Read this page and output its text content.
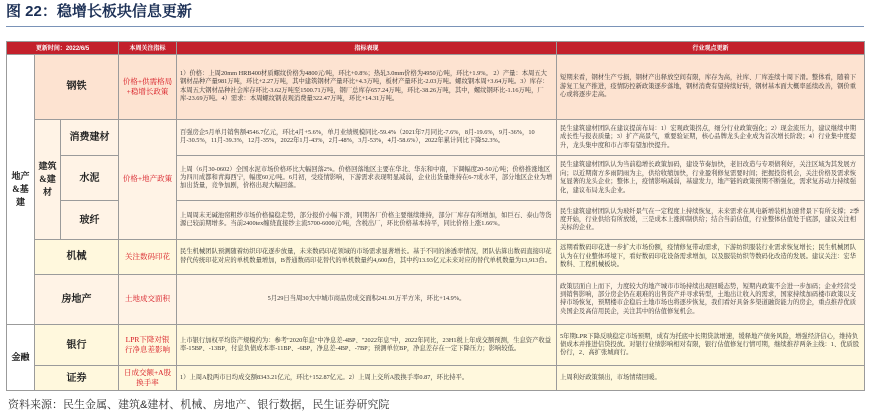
图 22：稳增长板块信息更新
更新时间：2022/6/5			本周关注指标	指标表现	行业观点更新
地产&基建	钢铁		价格+供需格局+稳增长政策	1）价格：上周20mm HRB400材质螺纹价格为4800元/吨，环比+0.8%；热轧3.0mm价格为4950元/吨，环比+1.9%。 2）产量：本周五大钢材品种产量981万吨，环比+2.27万吨，其中建筑钢材产量环比+4.3万吨，板材产量环比-2.03万吨。螺纹钢本周+3.64万吨。3）库存：本周五大钢材品种社会库存环比-3.62万吨至1500.71万吨，钢厂总库存657.24万吨，环比-38.26万吨，其中，螺纹钢环比-1.16万吨，厂库-23.69万吨。4）需求：本周螺纹钢表观消费量322.47万吨，环比+14.31万吨。	短期来看，钢材生产亏损，钢材产出释放空间有限，库存为高，社库、厂库连续十周下滑。整体看，随着下游复工复产推进，疫情防控新政策逐步落地，钢材消费有望持续好转，钢材基本面大概率延续改善，钢价重心或将逐步走高。
	建筑&建材	消费建材	价格+地产政策	百强房企5月单月销售额4546.7亿元，环比4月+5.6%，单月业绩规模同比-59.4%（2021年7月同比-7.6%，8月-19.6%，9月-36%，10月-30.5%，11月-39.3%，12月-35%，2022年1月-43%，2月-48%，3月-53%，4月-58.6%），2022年累计同比下降52.3%。	民生建筑建材团队在建议提前布局：1）宏观政策拐点，细分行业政策强化；2）现金流压力，建议继续中期成长性与报表质量；3）扩产高景气，重要验证期，核心品牌龙头企业成为首次增长阶段；4）行业集中度提升，龙头集中度和市占率有望加快提升。
		水泥		上周（6月30-0602）全国水泥市场价格环比大幅回落2%。价格回落地区主要在华北、华东和中南，下调幅度20-50元/吨；价格推涨地区为四川成都和青海西宁，幅度60元/吨。6月初，受疫情影响，下游需求表现明显减弱，企业出货量维持在6-7成水平，部分地区企业为增加出货量，竞争加剧，价格出现大幅回落。	民生建筑建材团队认为当前稳增长政策加码，建设节奏加快，老旧改造与专项债利好，关注区域为其发展方向；以近期南方多雨阴雨为主，供给收缩加快，行业盈利修复需要时间；把握投资机会，关注价格及需求恢复显著的龙头企业；整体上，疫情影响减弱，基建发力，地产链的政策预期不断强化，需求复苏动力持续强化，建议布局龙头企业。
		玻纤		上周周末无碱池窑粗纱市场价格偏稳走势，部分报价小幅下滑，同期各厂价格主要继续维持，部分厂库存有所增加，如巨石、泰山等货源已较前期增多。当前2400tex缠绕直接纱主流5700-6000元/吨，含税出厂，环比价格基本持平，同比价格上涨1.66%。	民生建筑建材团队认为玻纤景气在一定程度上持续恢复，未来需求在风电新增装机加速背景下有所支撑；2季度开始，行业供给有所放缓，三是成本上涨抑制供给；结合当前估值，行业整体估值处于底部，建议关注相关标的企业。
	机械		关注数码印花	民生机械团队预测随着纺织印花逐步放量，未来数码印花领域的市场需求显著增长。基于不同的渗透率情况，团队估算出数码直接印花替代传统印花对应的单机数量增加，B普通数码印花替代的单机数量约4,600台，其中约13.93亿元未来对应的替代单机数量为13,913台。	远期看数码印花进一步扩大市场份额，疫情修复带动需求，下游纺织服装行业需求恢复增长；民生机械团队认为在行业整体环境下，看好数码印花设备需求增加，以及服装纺织等数码化改造的发展。建议关注：宏华数科、工程机械板块。
	房地产		土地成交面积	5月29日当周30大中城市商品房成交面积241.91万平方米，环比+14.9%。	政策层面自上而下，力度较大的地产城市市场持续出现回暖态势，短期内政策不会进一步加码；企业经营受到销售影响，部分房企仍在艰难的出售资产并寻求转型，土地出让收入的需求，国家持续加码楼市政策以支持市场恢复，预期楼市企稳后土地市场也将逐步恢复，我们看好具备多渠道融资能力的房企，重点推荐优质央国企及高信用民企，关注其中的估值修复机会。
金融	银行		LPR下降对银行净息差影响	上市银行加权平均资产规模约为：参考"2020年息"中净息差-4BP、"2022年息"中，2022年同比，23H1税上年成交额预测，生息资产收益率-15BP、-13BP，付息负债成本率-11BP、-6BP，净息差-4BP、-7BP；预测单位BP，净息差存在一定下降压力；影响较低。	5年期LPR下降反映稳定市场预期，成有为托底中长期贷款增速，缓释地产债务风险，增强经济信心，维持负债成本并推进信贷投放。对银行业绩影响相对有限，银行估值修复行情可期，继续推荐两条主线：1、优质股份行，2、高扩张城商行。
	证券		日成交额+A股换手率	1）上周A股两市日均成交额8343.21亿元，环比+152.87亿元。2）上周上交所A股换手率0.87，环比持平。	上周利好政策频出，市场情绪回暖。
资料来源：民生金属、建筑&建材、机械、房地产、银行数据，民生证券研究院
